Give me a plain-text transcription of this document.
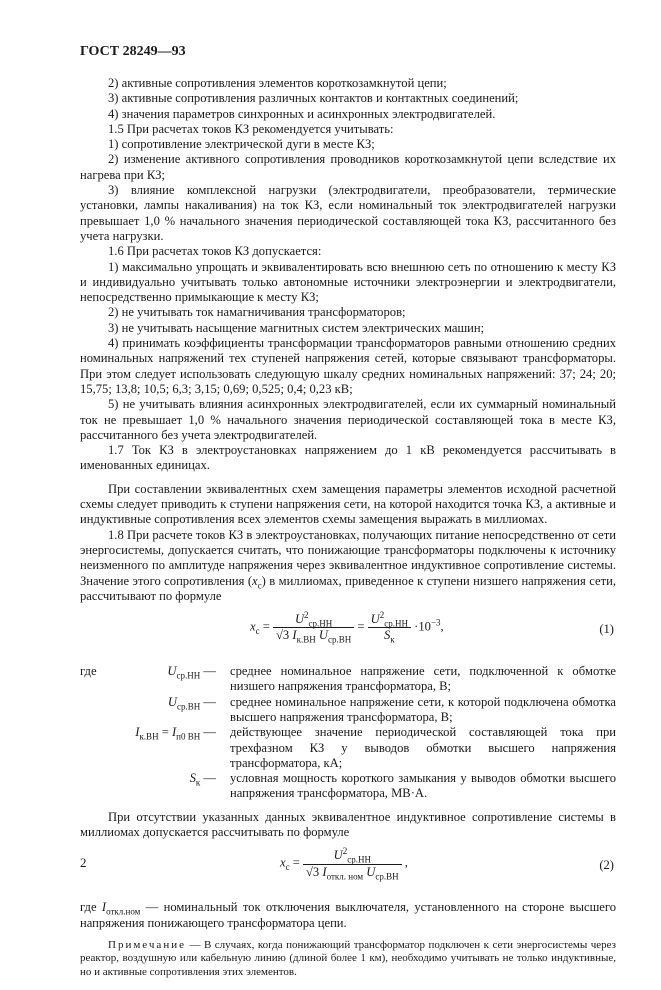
ГОСТ 28249—93

2) активные сопротивления элементов короткозамкнутой цепи;

3) активные сопротивления различных контактов и контактных соединений;

4) значения параметров синхронных и асинхронных электродвигателей.

1.5 При расчетах токов КЗ рекомендуется учитывать:

1) сопротивление электрической дуги в месте КЗ;

2) изменение активного сопротивления проводников короткозамкнутой цепи вследствие их нагрева при КЗ;

3) влияние комплексной нагрузки (электродвигатели, преобразователи, термические установки, лампы накаливания) на ток КЗ, если номинальный ток электродвигателей нагрузки превышает 1,0 % начального значения периодической составляющей тока КЗ, рассчитанного без учета нагрузки.

1.6 При расчетах токов КЗ допускается:

1) максимально упрощать и эквивалентировать всю внешнюю сеть по отношению к месту КЗ и индивидуально учитывать только автономные источники электроэнергии и электродвигатели, непосредственно примыкающие к месту КЗ;

2) не учитывать ток намагничивания трансформаторов;

3) не учитывать насыщение магнитных систем электрических машин;

4) принимать коэффициенты трансформации трансформаторов равными отношению средних номинальных напряжений тех ступеней напряжения сетей, которые связывают трансформаторы. При этом следует использовать следующую шкалу средних номинальных напряжений: 37; 24; 20; 15,75; 13,8; 10,5; 6,3; 3,15; 0,69; 0,525; 0,4; 0,23 кВ;

5) не учитывать влияния асинхронных электродвигателей, если их суммарный номинальный ток не превышает 1,0 % начального значения периодической составляющей тока в месте КЗ, рассчитанного без учета электродвигателей.

1.7 Ток КЗ в электроустановках напряжением до 1 кВ рекомендуется рассчитывать в именованных единицах.

При составлении эквивалентных схем замещения параметры элементов исходной расчетной схемы следует приводить к ступени напряжения сети, на которой находится точка КЗ, а активные и индуктивные сопротивления всех элементов схемы замещения выражать в миллиомах.

1.8 При расчете токов КЗ в электроустановках, получающих питание непосредственно от сети энергосистемы, допускается считать, что понижающие трансформаторы подключены к источнику неизменного по амплитуде напряжения через эквивалентное индуктивное сопротивление системы. Значение этого сопротивления $(x_c)$ в миллиомах, приведенное к ступени низшего напряжения сети, рассчитывают по формуле

$x_c = \frac{U^2_{ср.НН}}{√3 I_{к.ВН} U_{ср.ВН}} = \frac{U^2_{ср.НН}}{S_к} \cdot 10^{-3}$,	(1)
где	$U_{ср.НН}$ — среднее номинальное напряжение сети, подключенной к обмотке низшего напряжения трансформатора, В;
$U_{ср.ВН}$ — среднее номинальное напряжение сети, к которой подключена обмотка высшего напряжения трансформатора, В;
$I_{к.ВН} = I_{п0 ВН}$ — действующее значение периодической составляющей тока при трехфазном КЗ у выводов обмотки высшего напряжения трансформатора, кА;
$S_к$ — условная мощность короткого замыкания у выводов обмотки высшего напряжения трансформатора, МВ·А.

При отсутствии указанных данных эквивалентное индуктивное сопротивление системы в миллиомах допускается рассчитывать по формуле

$x_c = \frac{U^2_{ср.НН}}{√3 I_{откл. ном} U_{ср.ВН}}$ ,	(2)
где $I_{откл.ном}$ — номинальный ток отключения выключателя, установленного на стороне высшего напряжения понижающего трансформатора цепи.

Примечание — В случаях, когда понижающий трансформатор подключен к сети энергосистемы через реактор, воздушную или кабельную линию (длиной более 1 км), необходимо учитывать не только индуктивные, но и активные сопротивления этих элементов.

2
